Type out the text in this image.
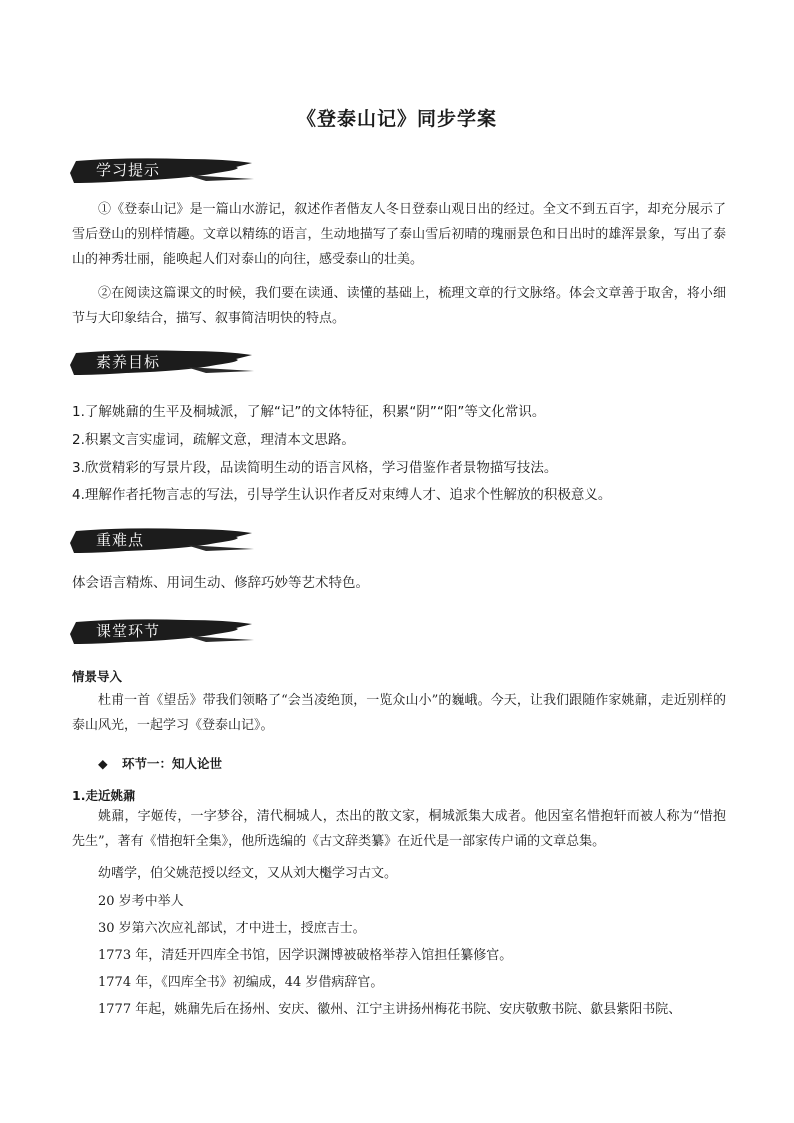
《登泰山记》同步学案
学习提示
①《登泰山记》是一篇山水游记，叙述作者偕友人冬日登泰山观日出的经过。全文不到五百字，却充分展示了雪后登山的别样情趣。文章以精练的语言，生动地描写了泰山雪后初晴的瑰丽景色和日出时的雄浑景象，写出了泰山的神秀壮丽，能唤起人们对泰山的向往，感受泰山的壮美。
②在阅读这篇课文的时候，我们要在读通、读懂的基础上，梳理文章的行文脉络。体会文章善于取舍，将小细节与大印象结合，描写、叙事简洁明快的特点。
素养目标
1.了解姚鼐的生平及桐城派，了解“记”的文体特征，积累“阴”“阳”等文化常识。
2.积累文言实虚词，疏解文意，理清本文思路。
3.欣赏精彩的写景片段，品读简明生动的语言风格，学习借鉴作者景物描写技法。
4.理解作者托物言志的写法，引导学生认识作者反对束缚人才、追求个性解放的积极意义。
重难点
体会语言精炼、用词生动、修辞巧妙等艺术特色。
课堂环节
情景导入
杜甫一首《望岳》带我们领略了“会当凌绝顶，一览众山小”的巍峨。今天，让我们跟随作家姚鼐，走近别样的泰山风光，一起学习《登泰山记》。
◆ 环节一：知人论世
1.走近姚鼐
姚鼐，字姬传，一字梦谷，清代桐城人，杰出的散文家，桐城派集大成者。他因室名惜抱轩而被人称为“惜抱先生”，著有《惜抱轩全集》，他所选编的《古文辞类纂》在近代是一部家传户诵的文章总集。
幼嗜学，伯父姚范授以经文，又从刘大櫆学习古文。
20 岁考中举人
30 岁第六次应礼部试，才中进士，授庶吉士。
1773 年，清廷开四库全书馆，因学识渊博被破格举荐入馆担任纂修官。
1774 年，《四库全书》初编成，44 岁借病辞官。
1777 年起，姚鼐先后在扬州、安庆、徽州、江宁主讲扬州梅花书院、安庆敬敷书院、歙县紫阳书院、
